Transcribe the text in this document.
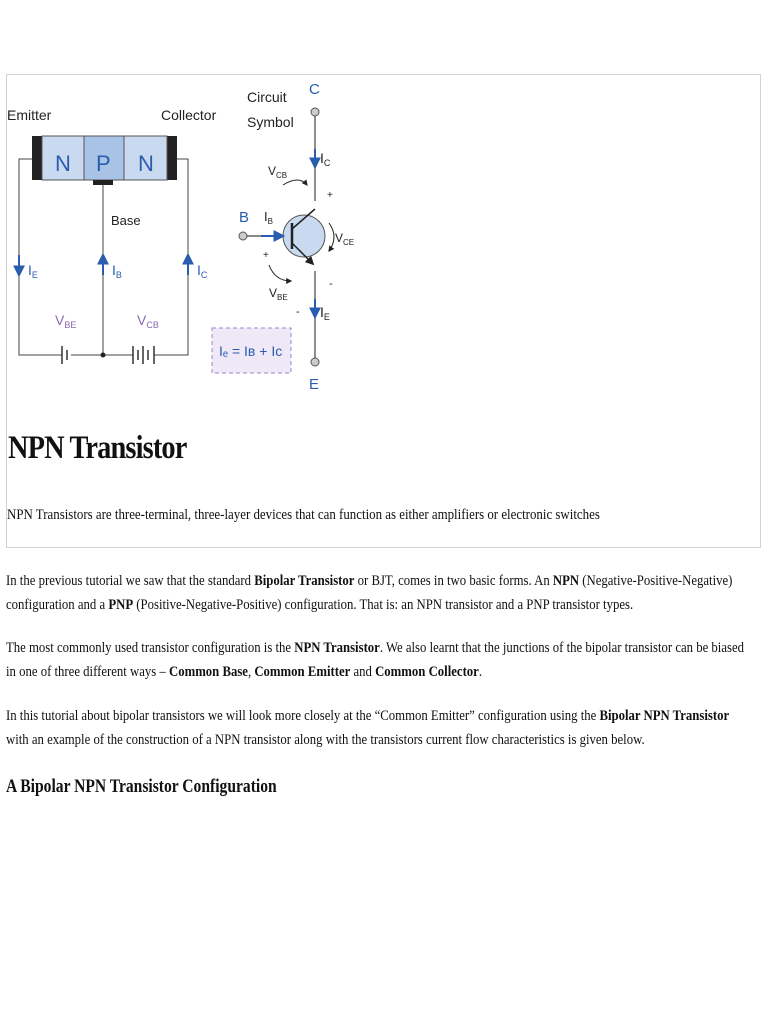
Emitter	Collector
N P N
Base
$I_E$	$I_B$	$I_C$
$V_{BE}$	$V_{CB}$
Iₑ = Iʙ + Iᴄ
Circuit
Symbol
C
B
E
$I_C$
$I_B$
$I_E$
$V_{CB}$
$V_{CE}$
$V_{BE}$
+
-
+
-
NPN Transistor

NPN Transistors are three-terminal, three-layer devices that can function as either amplifiers or electronic switches

In the previous tutorial we saw that the standard Bipolar Transistor or BJT, comes in two basic forms. An NPN (Negative-Positive-Negative) configuration and a PNP (Positive-Negative-Positive) configuration. That is: an NPN transistor and a PNP transistor types.

The most commonly used transistor configuration is the NPN Transistor. We also learnt that the junctions of the bipolar transistor can be biased in one of three different ways – Common Base, Common Emitter and Common Collector.

In this tutorial about bipolar transistors we will look more closely at the “Common Emitter” configuration using the Bipolar NPN Transistor with an example of the construction of a NPN transistor along with the transistors current flow characteristics is given below.

A Bipolar NPN Transistor Configuration
